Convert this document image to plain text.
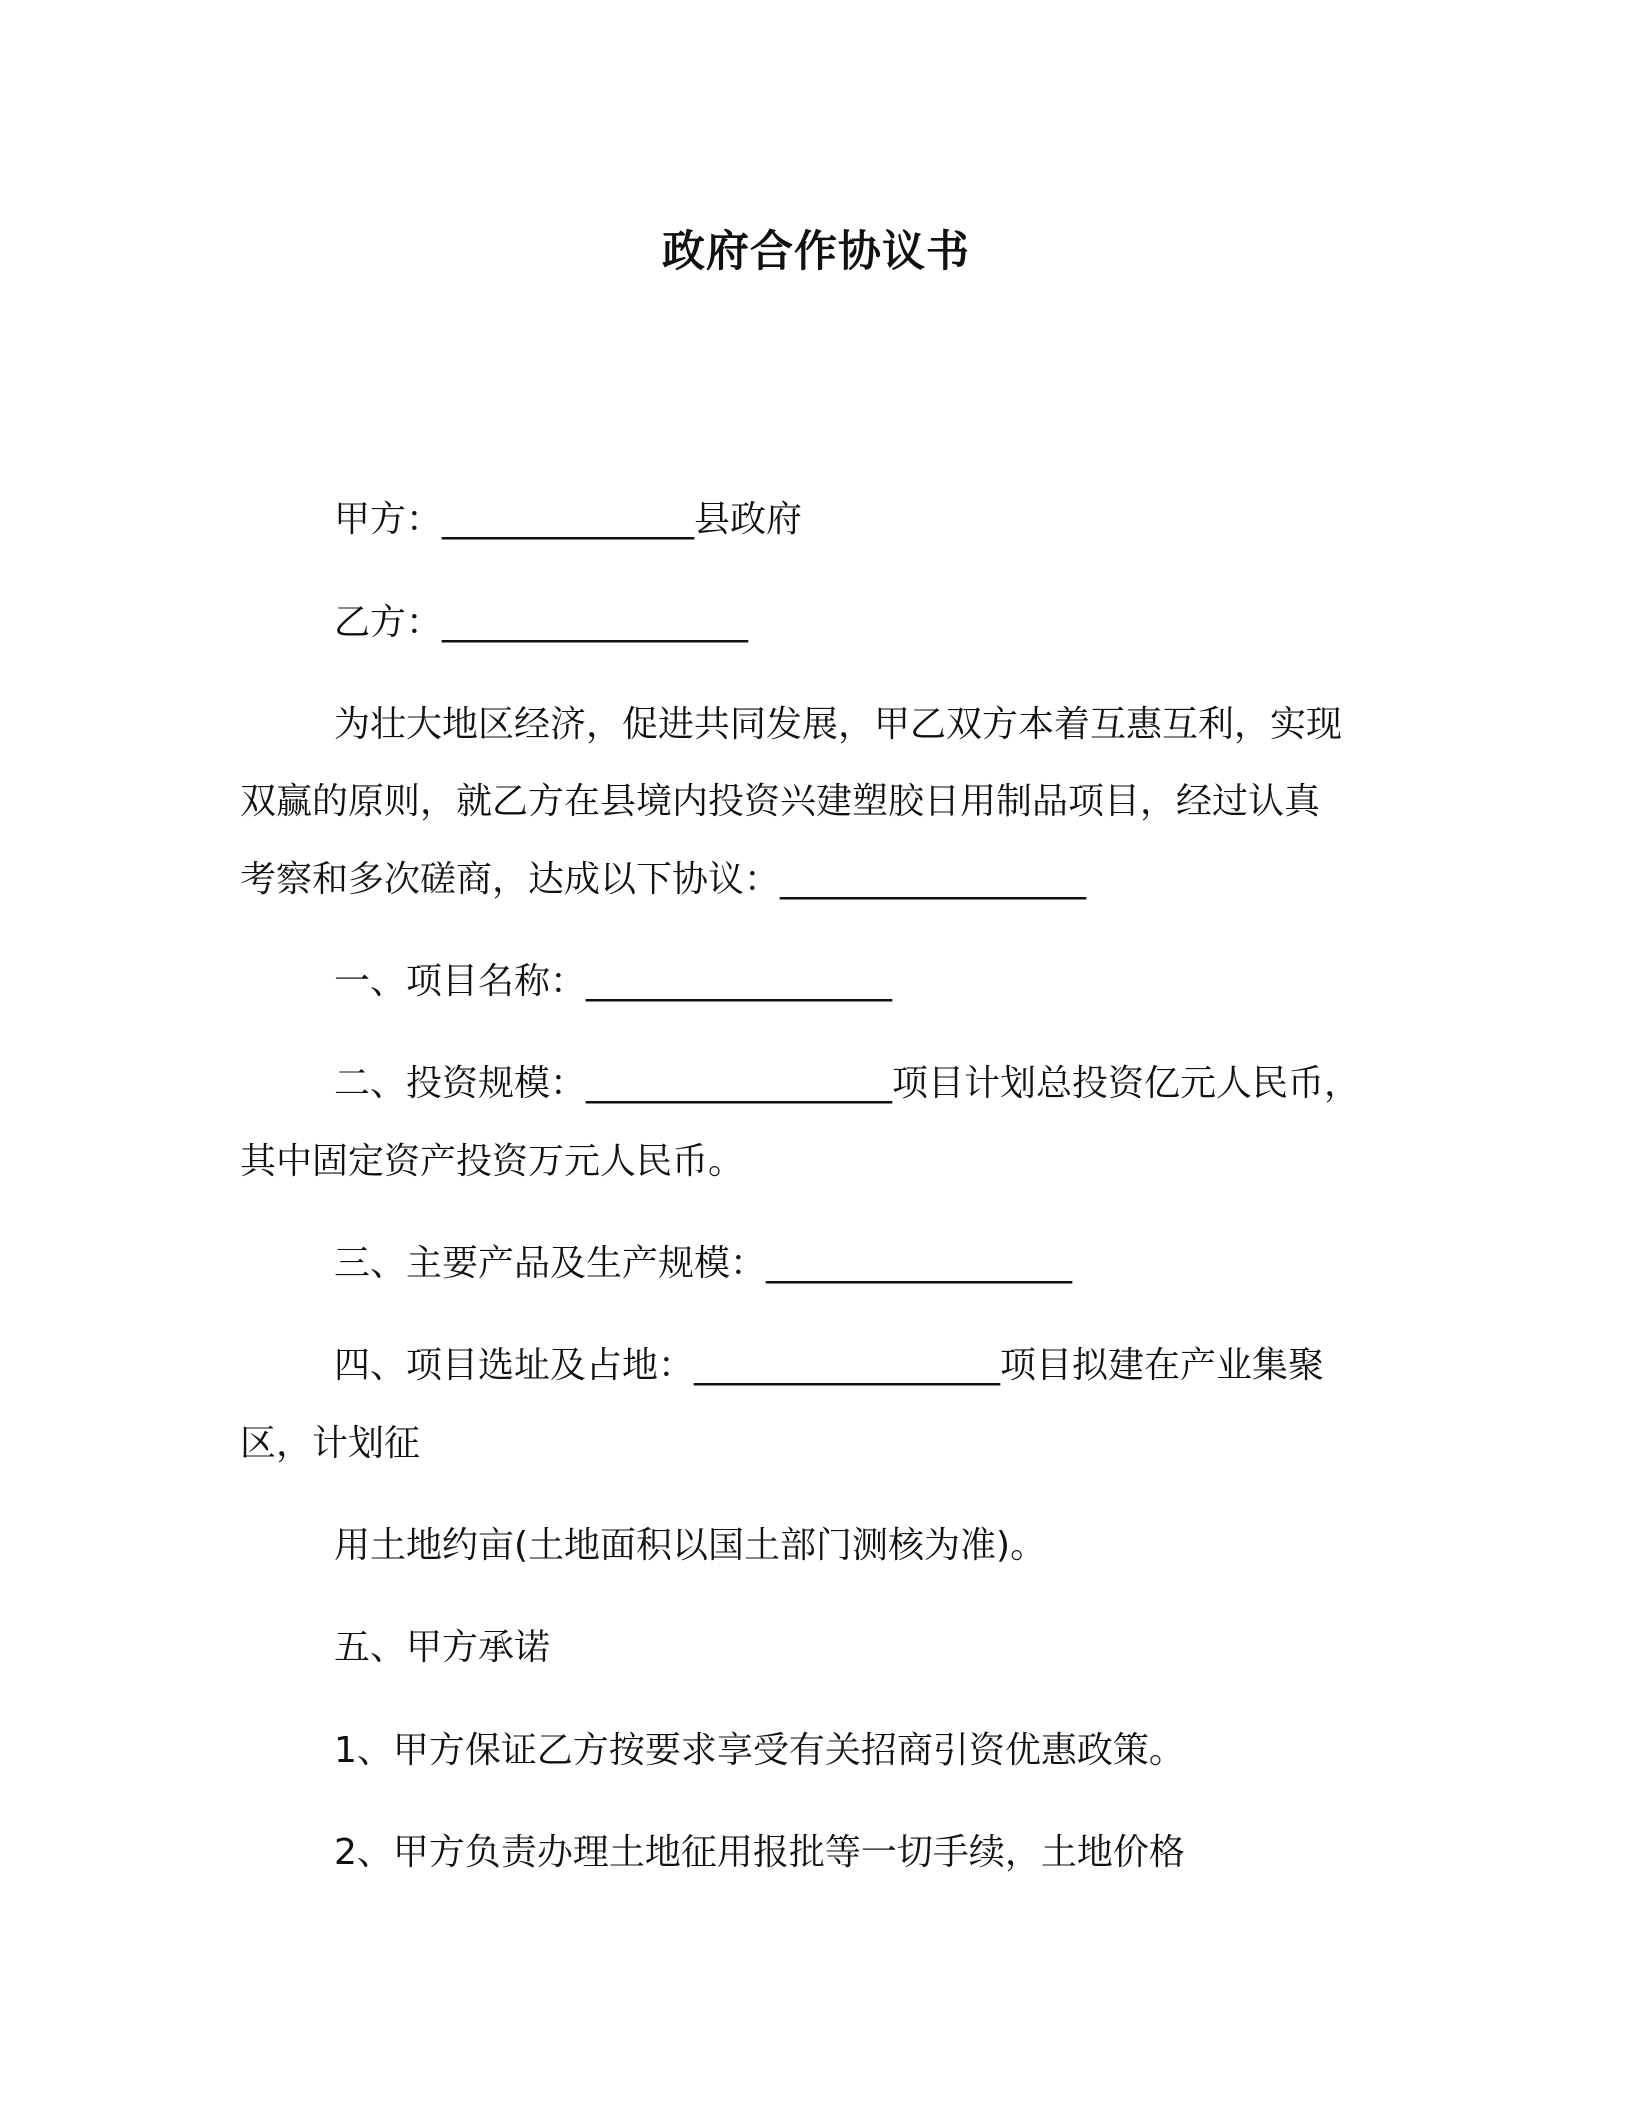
政府合作协议书
甲方：______________县政府
乙方：_________________
为壮大地区经济，促进共同发展，甲乙双方本着互惠互利，实现
双赢的原则，就乙方在县境内投资兴建塑胶日用制品项目，经过认真
考察和多次磋商，达成以下协议：_________________
一、项目名称：_________________
二、投资规模：_________________项目计划总投资亿元人民币，
其中固定资产投资万元人民币。
三、主要产品及生产规模：_________________
四、项目选址及占地：_________________项目拟建在产业集聚
区，计划征
用土地约亩(土地面积以国土部门测核为准)。
五、甲方承诺
1、甲方保证乙方按要求享受有关招商引资优惠政策。
2、甲方负责办理土地征用报批等一切手续，土地价格
